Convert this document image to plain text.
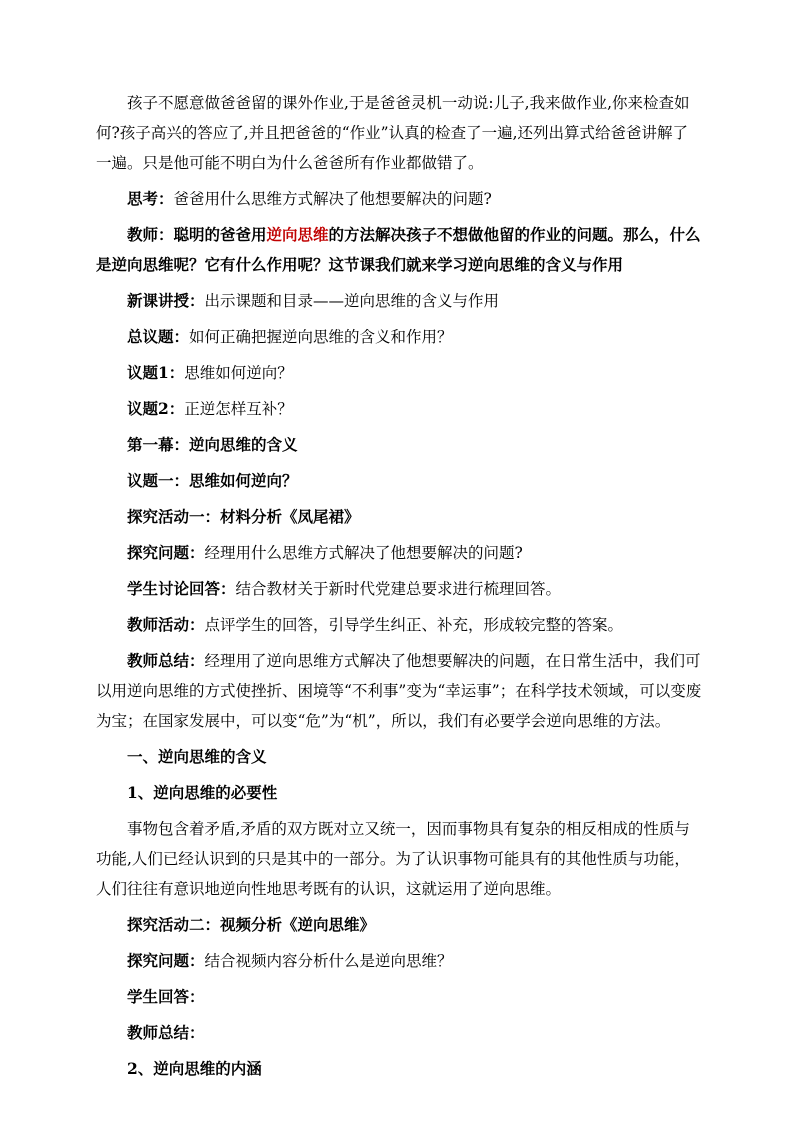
孩子不愿意做爸爸留的课外作业,于是爸爸灵机一动说:儿子,我来做作业,你来检查如何?孩子高兴的答应了,并且把爸爸的“作业”认真的检查了一遍,还列出算式给爸爸讲解了一遍。只是他可能不明白为什么爸爸所有作业都做错了。

思考：爸爸用什么思维方式解决了他想要解决的问题?

教师：聪明的爸爸用逆向思维的方法解决孩子不想做他留的作业的问题。那么，什么是逆向思维呢？它有什么作用呢？这节课我们就来学习逆向思维的含义与作用

新课讲授：出示课题和目录——逆向思维的含义与作用

总议题：如何正确把握逆向思维的含义和作用？

议题1：思维如何逆向？

议题2：正逆怎样互补？

第一幕：逆向思维的含义

议题一：思维如何逆向？

探究活动一：材料分析《凤尾裙》

探究问题：经理用什么思维方式解决了他想要解决的问题?

学生讨论回答：结合教材关于新时代党建总要求进行梳理回答。

教师活动：点评学生的回答，引导学生纠正、补充，形成较完整的答案。

教师总结：经理用了逆向思维方式解决了他想要解决的问题，在日常生活中，我们可以用逆向思维的方式使挫折、困境等“不利事”变为“幸运事”；在科学技术领域，可以变废为宝；在国家发展中，可以变“危”为“机”，所以，我们有必要学会逆向思维的方法。

一、逆向思维的含义

1、逆向思维的必要性

事物包含着矛盾,矛盾的双方既对立又统一，因而事物具有复杂的相反相成的性质与功能,人们已经认识到的只是其中的一部分。为了认识事物可能具有的其他性质与功能，人们往往有意识地逆向性地思考既有的认识，这就运用了逆向思维。

探究活动二：视频分析《逆向思维》

探究问题：结合视频内容分析什么是逆向思维？

学生回答：

教师总结：

2、逆向思维的内涵
